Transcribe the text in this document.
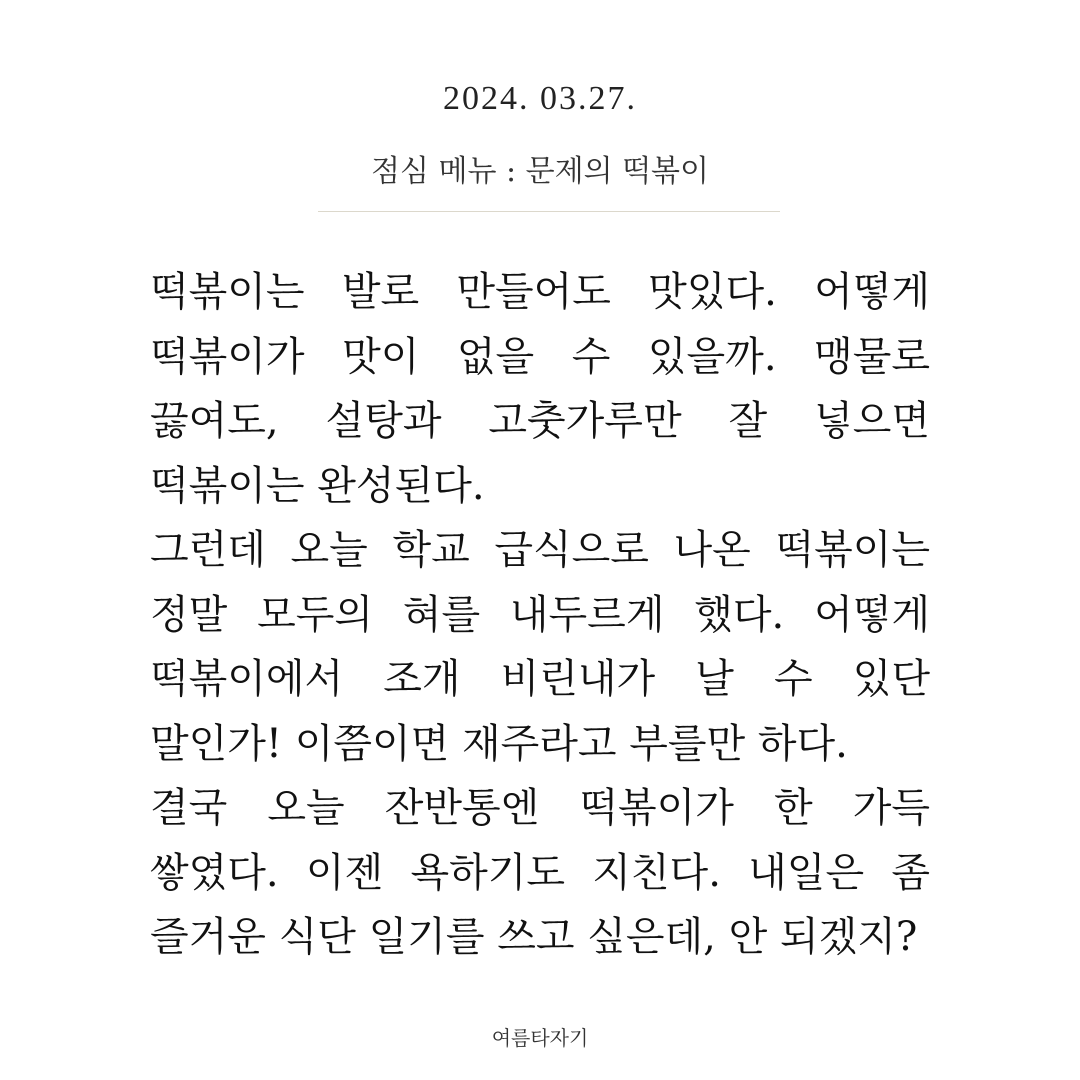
2024. 03.27.
점심 메뉴 : 문제의 떡볶이

떡볶이는 발로 만들어도 맛있다. 어떻게 떡볶이가 맛이 없을 수 있을까. 맹물로 끓여도, 설탕과 고춧가루만 잘 넣으면 떡볶이는 완성된다.

그런데 오늘 학교 급식으로 나온 떡볶이는 정말 모두의 혀를 내두르게 했다. 어떻게 떡볶이에서 조개 비린내가 날 수 있단 말인가! 이쯤이면 재주라고 부를만 하다.

결국 오늘 잔반통엔 떡볶이가 한 가득 쌓였다. 이젠 욕하기도 지친다. 내일은 좀 즐거운 식단 일기를 쓰고 싶은데, 안 되겠지?

여름타자기
